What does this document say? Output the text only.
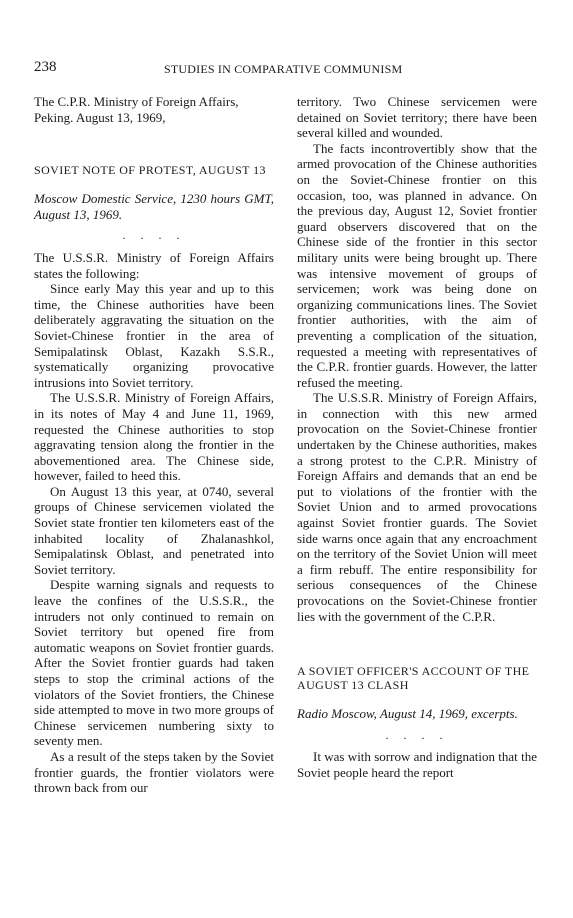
238	STUDIES IN COMPARATIVE COMMUNISM

The C.P.R. Ministry of Foreign Affairs, Peking. August 13, 1969,

SOVIET NOTE OF PROTEST, AUGUST 13

Moscow Domestic Service, 1230 hours GMT, August 13, 1969.

. . . .

The U.S.S.R. Ministry of Foreign Affairs states the following:

Since early May this year and up to this time, the Chinese authorities have been deliberately aggravating the situation on the Soviet-Chinese frontier in the area of Semipalatinsk Oblast, Kazakh S.S.R., systematically organizing provocative intrusions into Soviet territory.

The U.S.S.R. Ministry of Foreign Affairs, in its notes of May 4 and June 11, 1969, requested the Chinese authorities to stop aggravating tension along the frontier in the abovementioned area. The Chinese side, however, failed to heed this.

On August 13 this year, at 0740, several groups of Chinese servicemen violated the Soviet state frontier ten kilometers east of the inhabited locality of Zhalanashkol, Semipalatinsk Oblast, and penetrated into Soviet territory.

Despite warning signals and requests to leave the confines of the U.S.S.R., the intruders not only continued to remain on Soviet territory but opened fire from automatic weapons on Soviet frontier guards. After the Soviet frontier guards had taken steps to stop the criminal actions of the violators of the Soviet frontiers, the Chinese side attempted to move in two more groups of Chinese servicemen numbering sixty to seventy men.

As a result of the steps taken by the Soviet frontier guards, the frontier violators were thrown back from our

territory. Two Chinese servicemen were detained on Soviet territory; there have been several killed and wounded.

The facts incontrovertibly show that the armed provocation of the Chinese authorities on the Soviet-Chinese frontier on this occasion, too, was planned in advance. On the previous day, August 12, Soviet frontier guard observers discovered that on the Chinese side of the frontier in this sector military units were being brought up. There was intensive movement of groups of servicemen; work was being done on organizing communications lines. The Soviet frontier authorities, with the aim of preventing a complication of the situation, requested a meeting with representatives of the C.P.R. frontier guards. However, the latter refused the meeting.

The U.S.S.R. Ministry of Foreign Affairs, in connection with this new armed provocation on the Soviet-Chinese frontier undertaken by the Chinese authorities, makes a strong protest to the C.P.R. Ministry of Foreign Affairs and demands that an end be put to violations of the frontier with the Soviet Union and to armed provocations against Soviet frontier guards. The Soviet side warns once again that any encroachment on the territory of the Soviet Union will meet a firm rebuff. The entire responsibility for serious consequences of the Chinese provocations on the Soviet-Chinese frontier lies with the government of the C.P.R.

A SOVIET OFFICER'S ACCOUNT OF THE AUGUST 13 CLASH

Radio Moscow, August 14, 1969, excerpts.

. . . .

It was with sorrow and indignation that the Soviet people heard the report
